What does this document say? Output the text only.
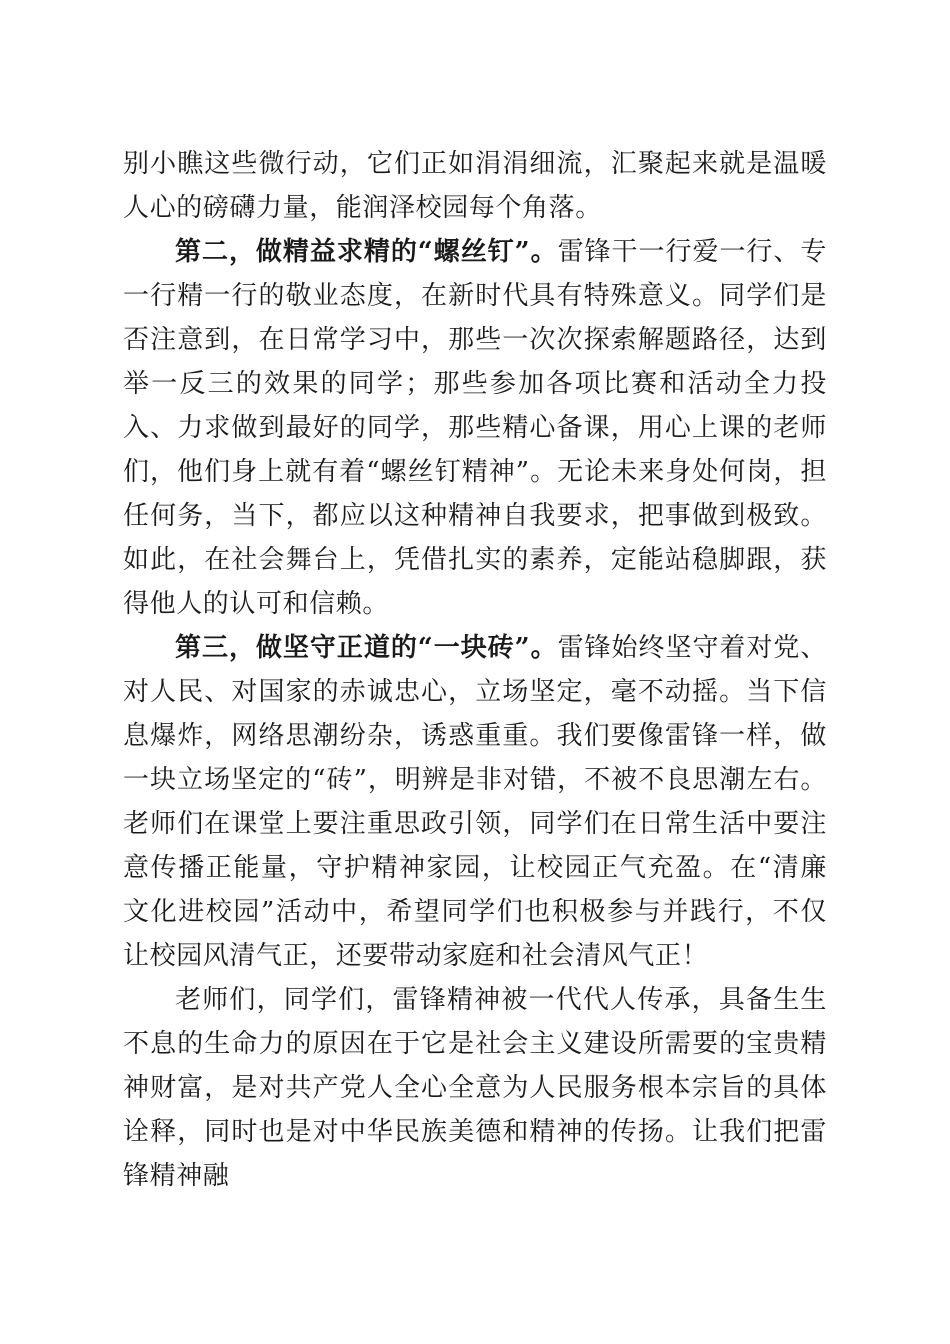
别小瞧这些微行动，它们正如涓涓细流，汇聚起来就是温暖人心的磅礴力量，能润泽校园每个角落。

第二，做精益求精的“螺丝钉”。雷锋干一行爱一行、专一行精一行的敬业态度，在新时代具有特殊意义。同学们是否注意到，在日常学习中，那些一次次探索解题路径，达到举一反三的效果的同学；那些参加各项比赛和活动全力投入、力求做到最好的同学，那些精心备课，用心上课的老师们，他们身上就有着“螺丝钉精神”。无论未来身处何岗，担任何务，当下，都应以这种精神自我要求，把事做到极致。如此，在社会舞台上，凭借扎实的素养，定能站稳脚跟，获得他人的认可和信赖。

第三，做坚守正道的“一块砖”。雷锋始终坚守着对党、对人民、对国家的赤诚忠心，立场坚定，毫不动摇。当下信息爆炸，网络思潮纷杂，诱惑重重。我们要像雷锋一样，做一块立场坚定的“砖”，明辨是非对错，不被不良思潮左右。老师们在课堂上要注重思政引领，同学们在日常生活中要注意传播正能量，守护精神家园，让校园正气充盈。在“清廉文化进校园”活动中，希望同学们也积极参与并践行，不仅让校园风清气正，还要带动家庭和社会清风气正！

老师们，同学们，雷锋精神被一代代人传承，具备生生不息的生命力的原因在于它是社会主义建设所需要的宝贵精神财富，是对共产党人全心全意为人民服务根本宗旨的具体诠释，同时也是对中华民族美德和精神的传扬。让我们把雷锋精神融
